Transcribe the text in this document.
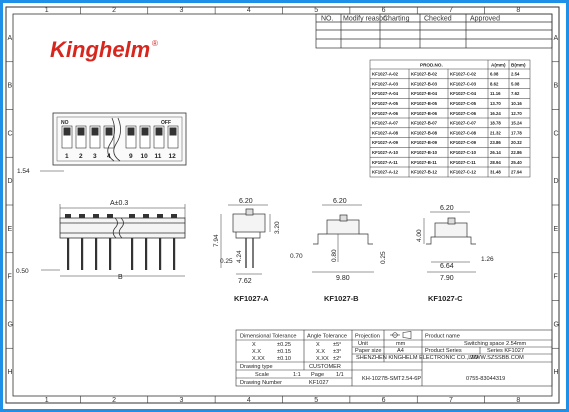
1
1
2
2
3
3
4
4
5
5
6
6
7
7
8
8
A	A
B	B
C	C
D	D
E	E
F	F
G	G
H	H
Kinghelm ®
NO. Modify reason
Charting Checked	Approved
PROD.NO.	A(mm) B(mm)
KF1027-A-02	KF1027-B-02	KF1027-C-02	6.08	2.54
KF1027-A-03	KF1027-B-03	KF1027-C-03	8.62	5.08
KF1027-A-04	KF1027-B-04	KF1027-C-04	11.16 7.62
KF1027-A-05	KF1027-B-05	KF1027-C-05	13.70 10.16
KF1027-A-06	KF1027-B-06	KF1027-C-06	16.24 12.70
KF1027-A-07	KF1027-B-07	KF1027-C-07	18.78 15.24
KF1027-A-08	KF1027-B-08	KF1027-C-08	21.32 17.78
KF1027-A-09	KF1027-B-09	KF1027-C-09	23.86 20.32
KF1027-A-10	KF1027-B-10	KF1027-C-10	26.14 22.86
KF1027-A-11	KF1027-B-11	KF1027-C-11	28.94 25.40
KF1027-A-12	KF1027-B-12	KF1027-C-12	31.48 27.94
NO	OFF
1 2 3 4	9 10 11 12
1.54
A±0.3
0.50
B
6.20
7.94
4.24
3.20
0.25
7.62
KF1027-A
6.20
0.70	0.80	0.25
9.80
KF1027-B
6.20
4.00
6.64
1.26
7.90
KF1027-C
Dimensional Tolerance Angle Tolerance Projection	Product name
Switching space 2.54mm
Unit	mm
Paper size	A4	Product Series	Series KF1027
SHENZHEN KINGHELM ELECTRONIC CO.,LTD
WWW.SZSSBB.COM
Drawing type	CUSTOMER
Scale	1:1 Page 1/1
Drawing Number	KF1027
KH-1027B-SMT2.54-6P	0755-83044319
X	±0.25
X.X	±0.15
X.XX ±0.10
X ±5°
X.X ±3°
X.XX ±2°
